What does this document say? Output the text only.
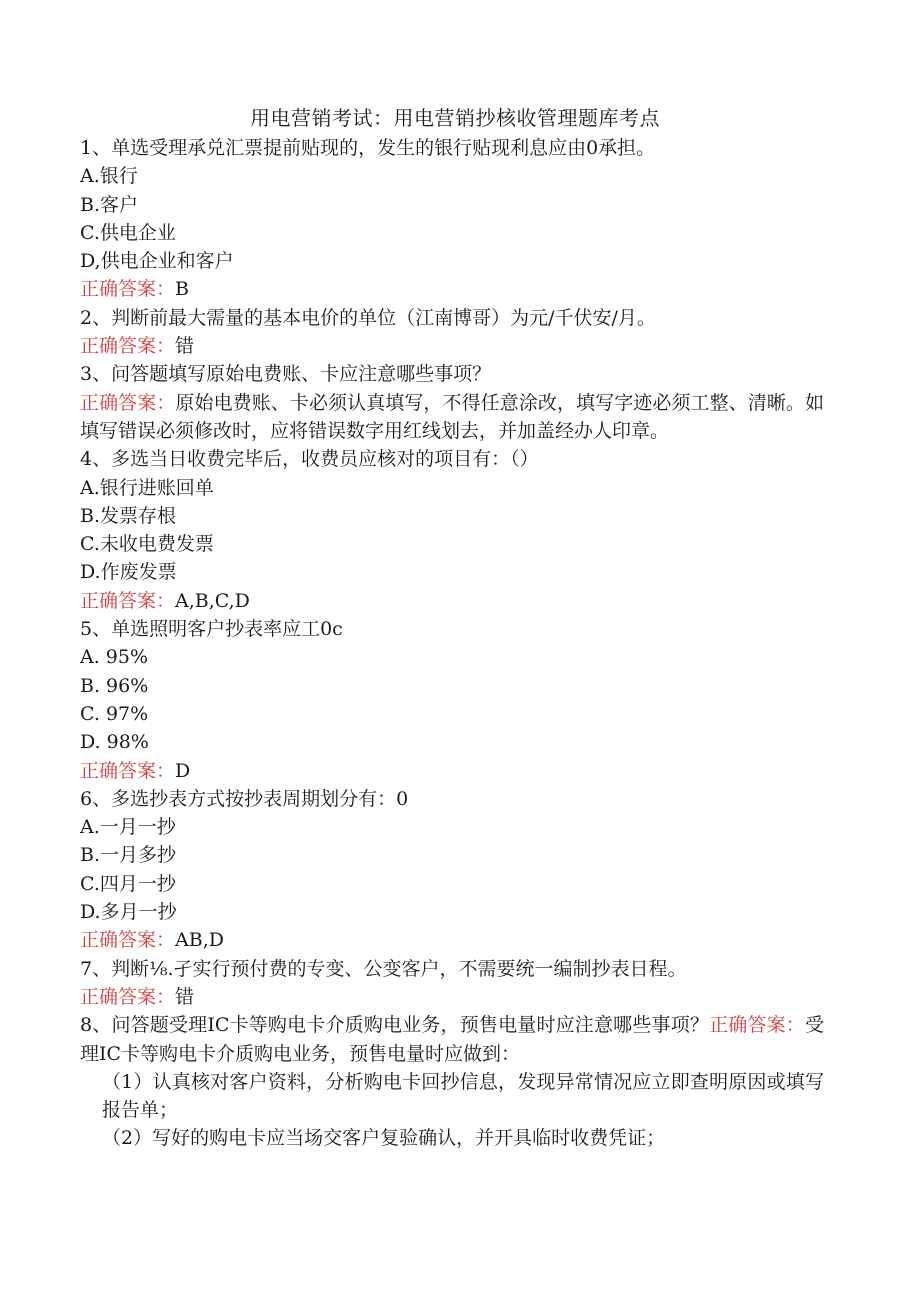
用电营销考试：用电营销抄核收管理题库考点
1、单选受理承兑汇票提前贴现的，发生的银行贴现利息应由0承担。
A.银行
B.客户
C.供电企业
D,供电企业和客户
正确答案：B
2、判断前最大需量的基本电价的单位（江南博哥）为元/千伏安/月。
正确答案：错
3、问答题填写原始电费账、卡应注意哪些事项？
正确答案：原始电费账、卡必须认真填写，不得任意涂改，填写字迹必须工整、清晰。如填写错误必须修改时，应将错误数字用红线划去，并加盖经办人印章。
4、多选当日收费完毕后，收费员应核对的项目有：（）
A.银行进账回单
B.发票存根
C.未收电费发票
D.作废发票
正确答案：A,B,C,D
5、单选照明客户抄表率应工0c
A. 95%
B. 96%
C. 97%
D. 98%
正确答案：D
6、多选抄表方式按抄表周期划分有：0
A.一月一抄
B.一月多抄
C.四月一抄
D.多月一抄
正确答案：AB,D
7、判断⅛.孑实行预付费的专变、公变客户，不需要统一编制抄表日程。
正确答案：错
8、问答题受理IC卡等购电卡介质购电业务，预售电量时应注意哪些事项？正确答案：受理IC卡等购电卡介质购电业务，预售电量时应做到：
（1）认真核对客户资料，分析购电卡回抄信息，发现异常情况应立即查明原因或填写报告单；
（2）写好的购电卡应当场交客户复验确认，并开具临时收费凭证；
